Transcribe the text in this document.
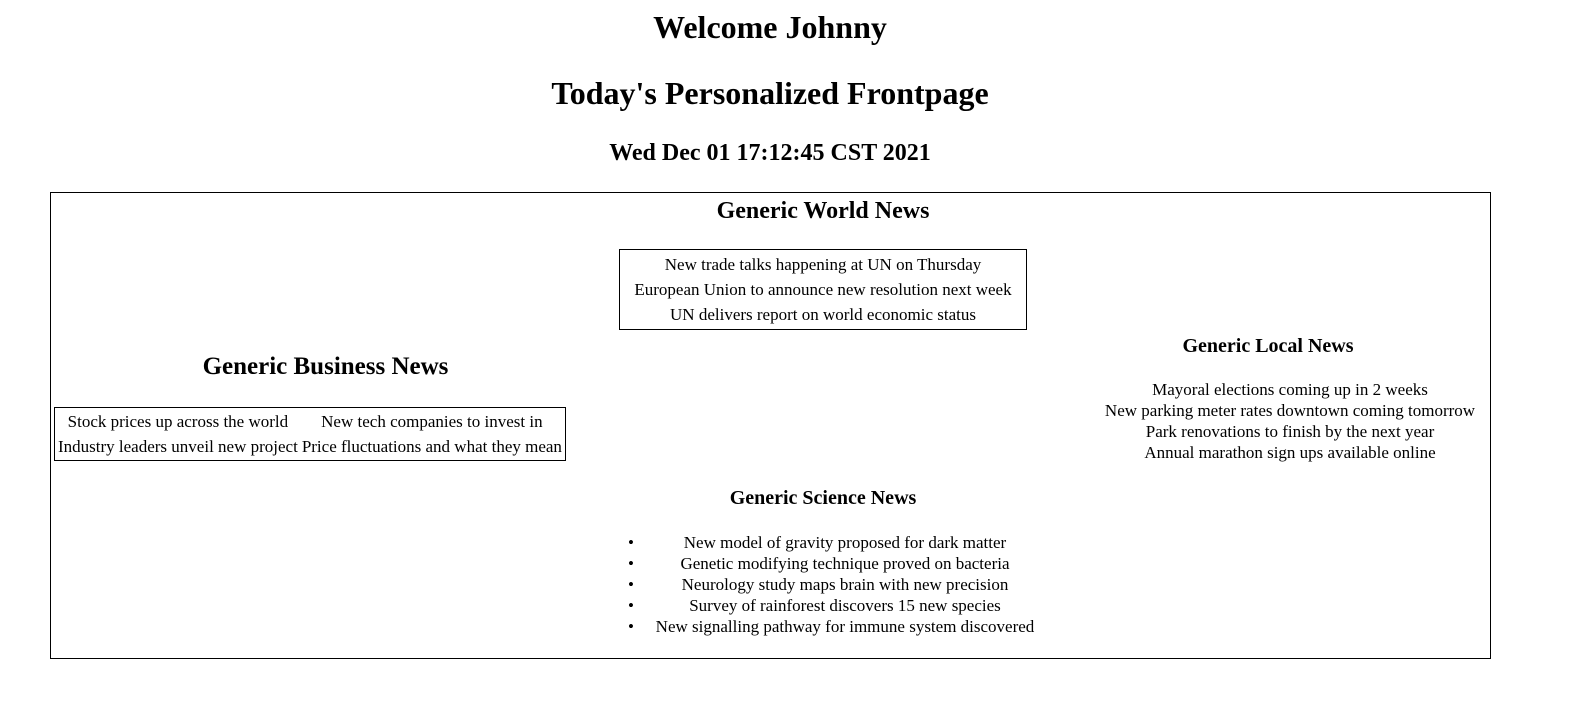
Welcome Johnny
Today's Personalized Frontpage
Wed Dec 01 17:12:45 CST 2021
Generic World News
New trade talks happening at UN on Thursday
European Union to announce new resolution next week
UN delivers report on world economic status
Generic Business News
Stock prices up across the world	New tech companies to invest in
Industry leaders unveil new project	Price fluctuations and what they mean
Generic Local News
Mayoral elections coming up in 2 weeks
New parking meter rates downtown coming tomorrow
Park renovations to finish by the next year
Annual marathon sign ups available online
Generic Science News
•	New model of gravity proposed for dark matter
•	Genetic modifying technique proved on bacteria
•	Neurology study maps brain with new precision
•	Survey of rainforest discovers 15 new species
• New signalling pathway for immune system discovered
